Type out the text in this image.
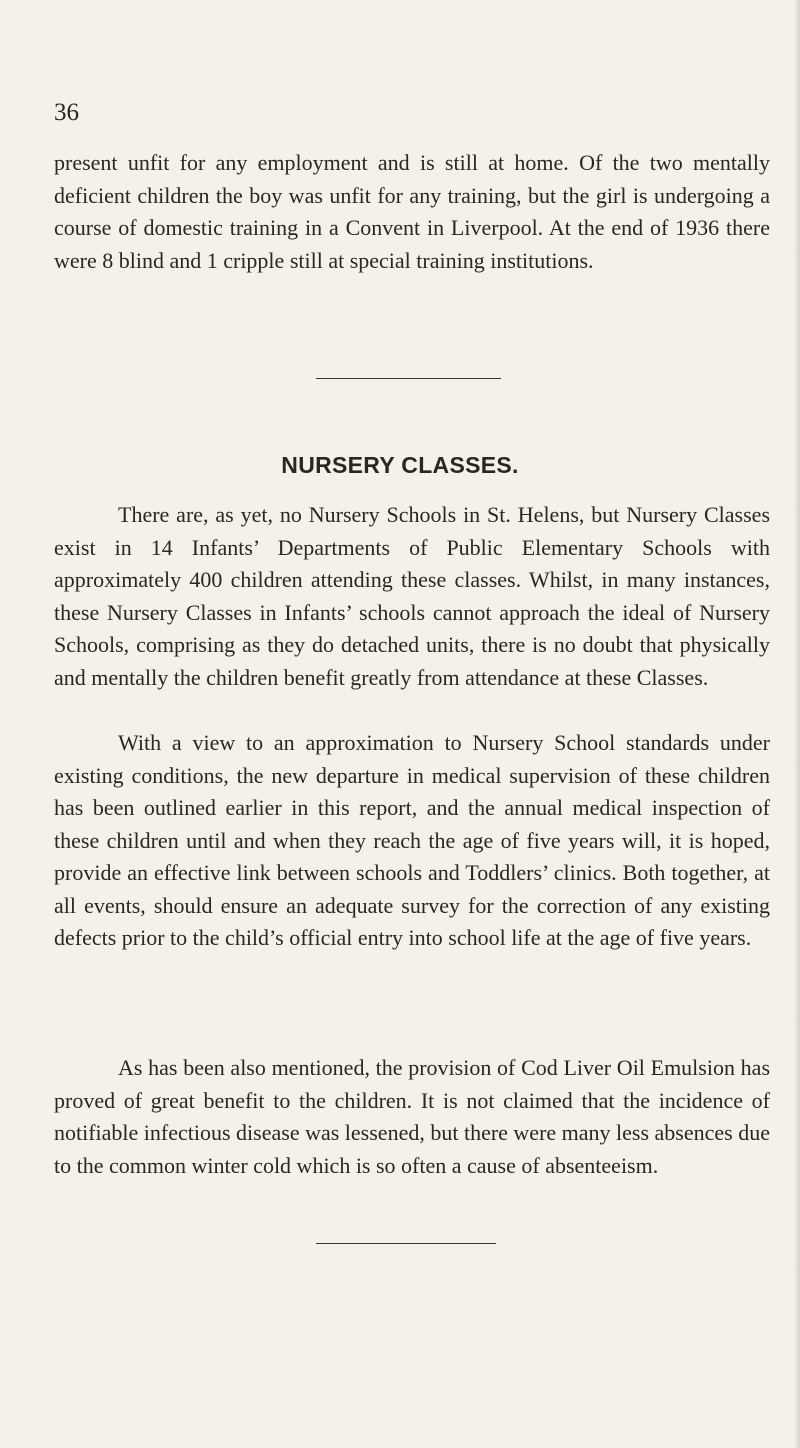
36

present unfit for any employment and is still at home. Of the two mentally deficient children the boy was unfit for any training, but the girl is undergoing a course of domestic training in a Convent in Liverpool. At the end of 1936 there were 8 blind and 1 cripple still at special training institutions.

NURSERY CLASSES.

There are, as yet, no Nursery Schools in St. Helens, but Nursery Classes exist in 14 Infants’ Departments of Public Elementary Schools with approximately 400 children attending these classes. Whilst, in many instances, these Nursery Classes in Infants’ schools cannot approach the ideal of Nursery Schools, comprising as they do detached units, there is no doubt that physically and mentally the children benefit greatly from attendance at these Classes.

With a view to an approximation to Nursery School standards under existing conditions, the new departure in medical supervision of these children has been outlined earlier in this report, and the annual medical inspection of these children until and when they reach the age of five years will, it is hoped, provide an effective link between schools and Toddlers’ clinics. Both together, at all events, should ensure an adequate survey for the correction of any existing defects prior to the child’s official entry into school life at the age of five years.

As has been also mentioned, the provision of Cod Liver Oil Emulsion has proved of great benefit to the children. It is not claimed that the incidence of notifiable infectious disease was lessened, but there were many less absences due to the common winter cold which is so often a cause of absenteeism.
